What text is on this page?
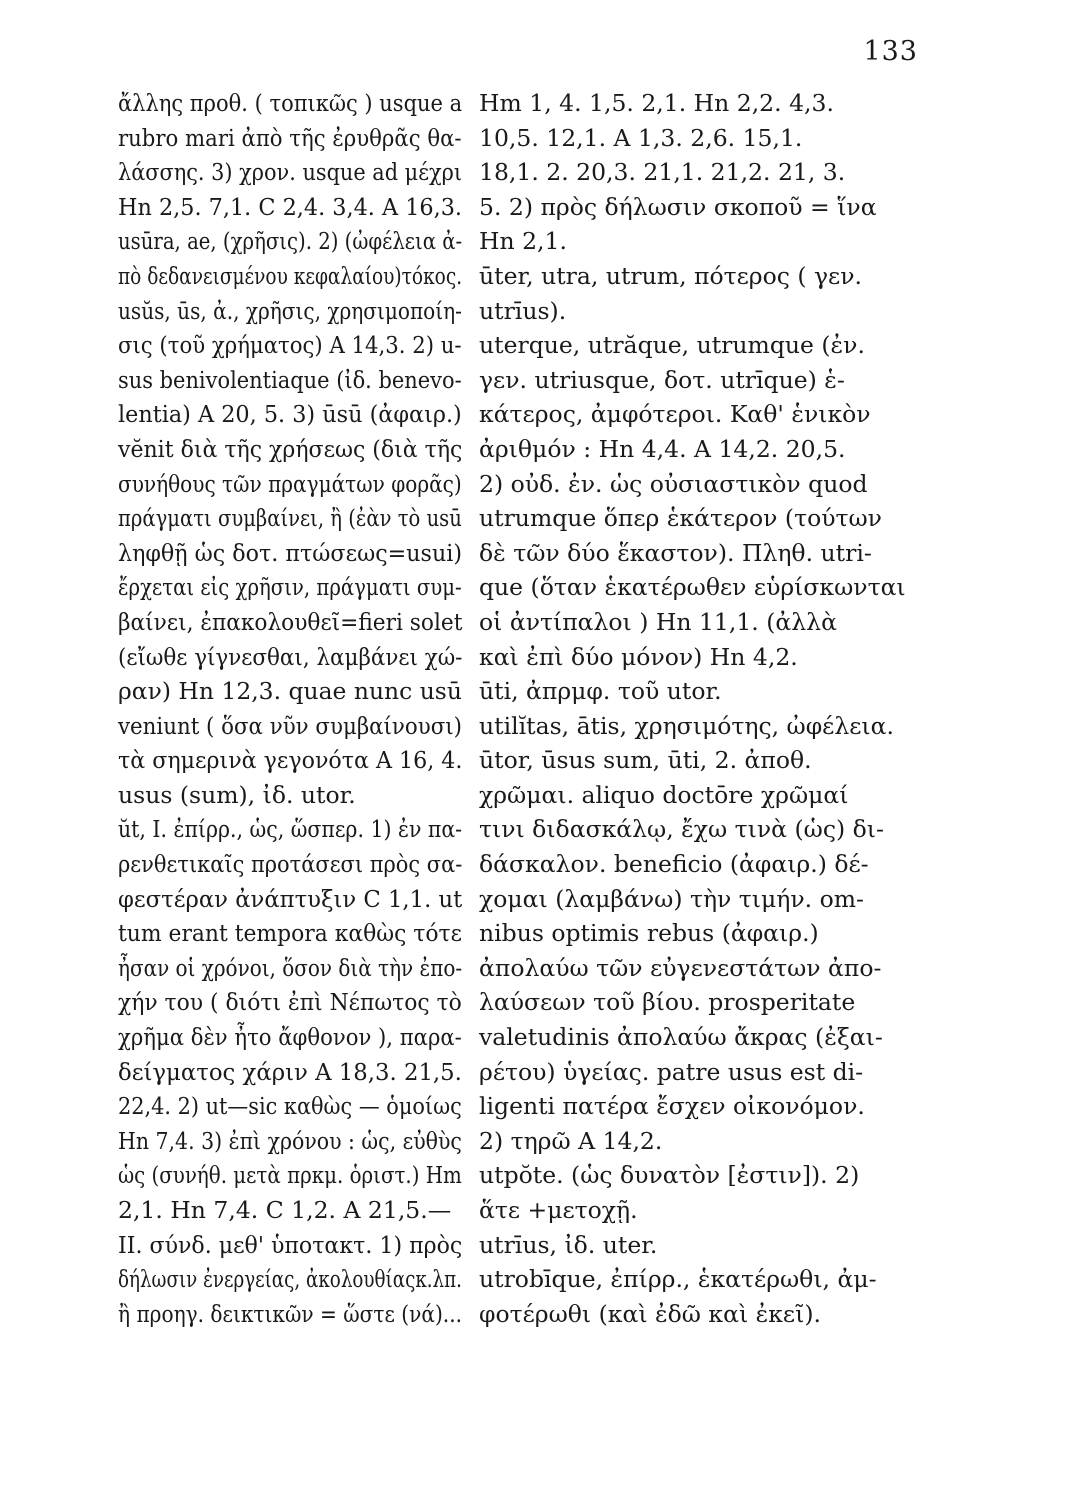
133
ἄλλης προθ. ( τοπικῶς ) usque a
rubro mari ἀπὸ τῆς ἐρυθρᾶς θα-
λάσσης. 3) χρον. usque ad μέχρι
Hn 2,5. 7,1. C 2,4. 3,4. A 16,3.
usūra, ae, (χρῆσις). 2) (ὠφέλεια ἀ-
πὸ δεδανεισμένου κεφαλαίου)τόκος.
usŭs, ūs, ἀ., χρῆσις, χρησιμοποίη-
σις (τοῦ χρήματος) A 14,3. 2) u-
sus benivolentiaque (ἰδ. benevo-
lentia) A 20, 5. 3) ūsū (ἀφαιρ.)
vĕnit διὰ τῆς χρήσεως (διὰ τῆς
συνήθους τῶν πραγμάτων φορᾶς)
πράγματι συμβαίνει, ἢ (ἐὰν τὸ usū
ληφθῇ ὡς δοτ. πτώσεως=usui)
ἔρχεται εἰς χρῆσιν, πράγματι συμ-
βαίνει, ἐπακολουθεῖ=fieri solet
(εἴωθε γίγνεσθαι, λαμβάνει χώ-
ραν) Hn 12,3. quae nunc usū
veniunt ( ὅσα νῦν συμβαίνουσι)
τὰ σημερινὰ γεγονότα A 16, 4.
usus (sum), ἰδ. utor.
ŭt, I. ἐπίρρ., ὡς, ὥσπερ. 1) ἐν πα-
ρενθετικαῖς προτάσεσι πρὸς σα-
φεστέραν ἀνάπτυξιν C 1,1. ut
tum erant tempora καθὼς τότε
ἦσαν οἱ χρόνοι, ὅσον διὰ τὴν ἐπο-
χήν του ( διότι ἐπὶ Νέπωτος τὸ
χρῆμα δὲν ἦτο ἄφθονον ), παρα-
δείγματος χάριν A 18,3. 21,5.
22,4. 2) ut—sic καθὼς — ὁμοίως
Hn 7,4. 3) ἐπὶ χρόνου : ὡς, εὐθὺς
ὡς (συνήθ. μετὰ πρκμ. ὁριστ.) Hm
2,1. Hn 7,4. C 1,2. A 21,5.—
II. σύνδ. μεθ' ὑποτακτ. 1) πρὸς
δήλωσιν ἐνεργείας, ἀκολουθίαςκ.λπ.
ἢ προηγ. δεικτικῶν = ὥστε (νά)...
Hm 1, 4. 1,5. 2,1. Hn 2,2. 4,3.
10,5. 12,1. A 1,3. 2,6. 15,1.
18,1. 2. 20,3. 21,1. 21,2. 21, 3.
5. 2) πρὸς δήλωσιν σκοποῦ = ἵνα
Hn 2,1.
ūter, utra, utrum, πότερος ( γεν.
utrīus).
uterque, utrăque, utrumque (ἐν.
γεν. utriusque, δοτ. utrīque) ἑ-
κάτερος, ἀμφότεροι. Καθ' ἑνικὸν
ἀριθμόν : Hn 4,4. A 14,2. 20,5.
2) οὐδ. ἐν. ὡς οὐσιαστικὸν quod
utrumque ὅπερ ἑκάτερον (τούτων
δὲ τῶν δύο ἕκαστον). Πληθ. utri-
que (ὅταν ἑκατέρωθεν εὑρίσκωνται
οἱ ἀντίπαλοι ) Hn 11,1. (ἀλλὰ
καὶ ἐπὶ δύο μόνον) Hn 4,2.
ūti, ἀπρμφ. τοῦ utor.
utilĭtas, ātis, χρησιμότης, ὠφέλεια.
ūtor, ūsus sum, ūti, 2. ἀποθ.
χρῶμαι. aliquo doctōre χρῶμαί
τινι διδασκάλῳ, ἔχω τινὰ (ὡς) δι-
δάσκαλον. beneficio (ἀφαιρ.) δέ-
χομαι (λαμβάνω) τὴν τιμήν. om-
nibus optimis rebus (ἀφαιρ.)
ἀπολαύω τῶν εὐγενεστάτων ἀπο-
λαύσεων τοῦ βίου. prosperitate
valetudinis ἀπολαύω ἄκρας (ἐξαι-
ρέτου) ὑγείας. patre usus est di-
ligenti πατέρα ἔσχεν οἰκονόμον.
2) τηρῶ A 14,2.
utpŏte. (ὡς δυνατὸν [ἐστιν]). 2)
ἅτε +μετοχῇ.
utrīus, ἰδ. uter.
utrobīque, ἐπίρρ., ἑκατέρωθι, ἀμ-
φοτέρωθι (καὶ ἐδῶ καὶ ἐκεῖ).
